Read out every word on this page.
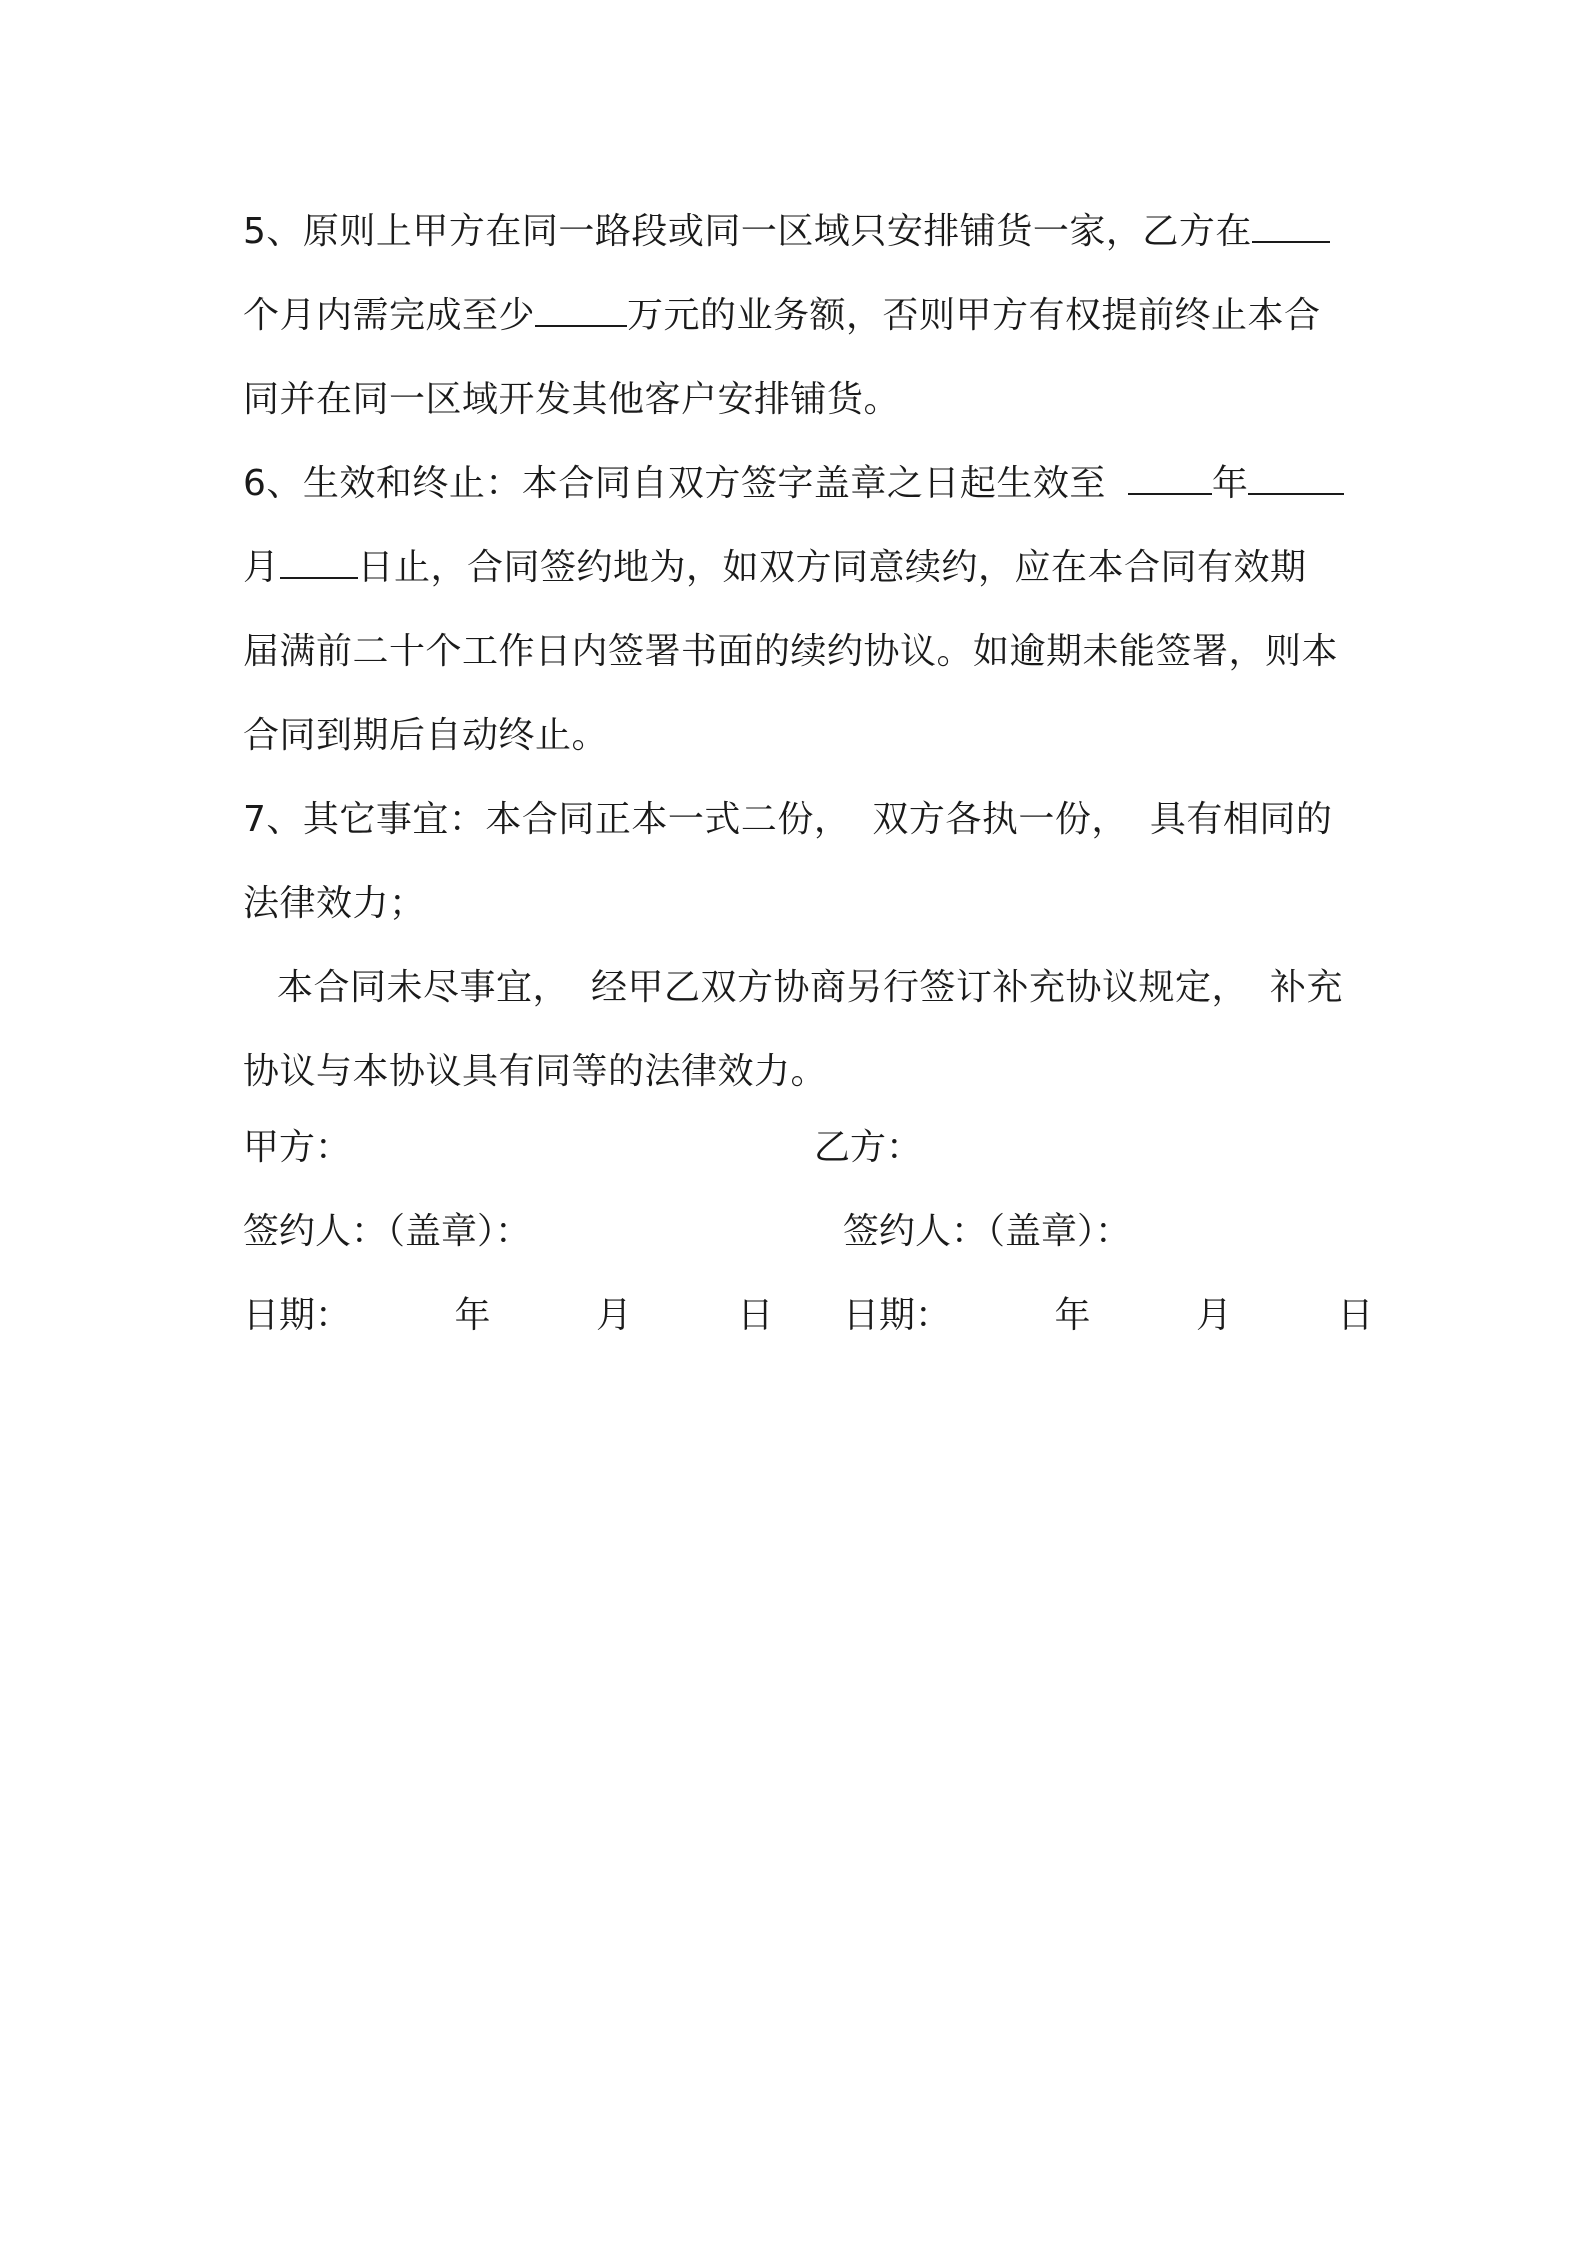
5、原则上甲方在同一路段或同一区域只安排铺货一家，乙方在
个月内需完成至少	万元的业务额，否则甲方有权提前终止本合
同并在同一区域开发其他客户安排铺货。
6、生效和终止：本合同自双方签字盖章之日起生效至	年
月 日止，合同签约地为，如双方同意续约，应在本合同有效期
届满前二十个工作日内签署书面的续约协议。如逾期未能签署，则本
合同到期后自动终止。
7、其它事宜：本合同正本一式二份， 双方各执一份， 具有相同的
法律效力；
本合同未尽事宜， 经甲乙双方协商另行签订补充协议规定， 补充
协议与本协议具有同等的法律效力。
甲方：	乙方：
签约人：（盖章）：	签约人：（盖章）：
日期：	年	月	日 日期：	年	月	日
